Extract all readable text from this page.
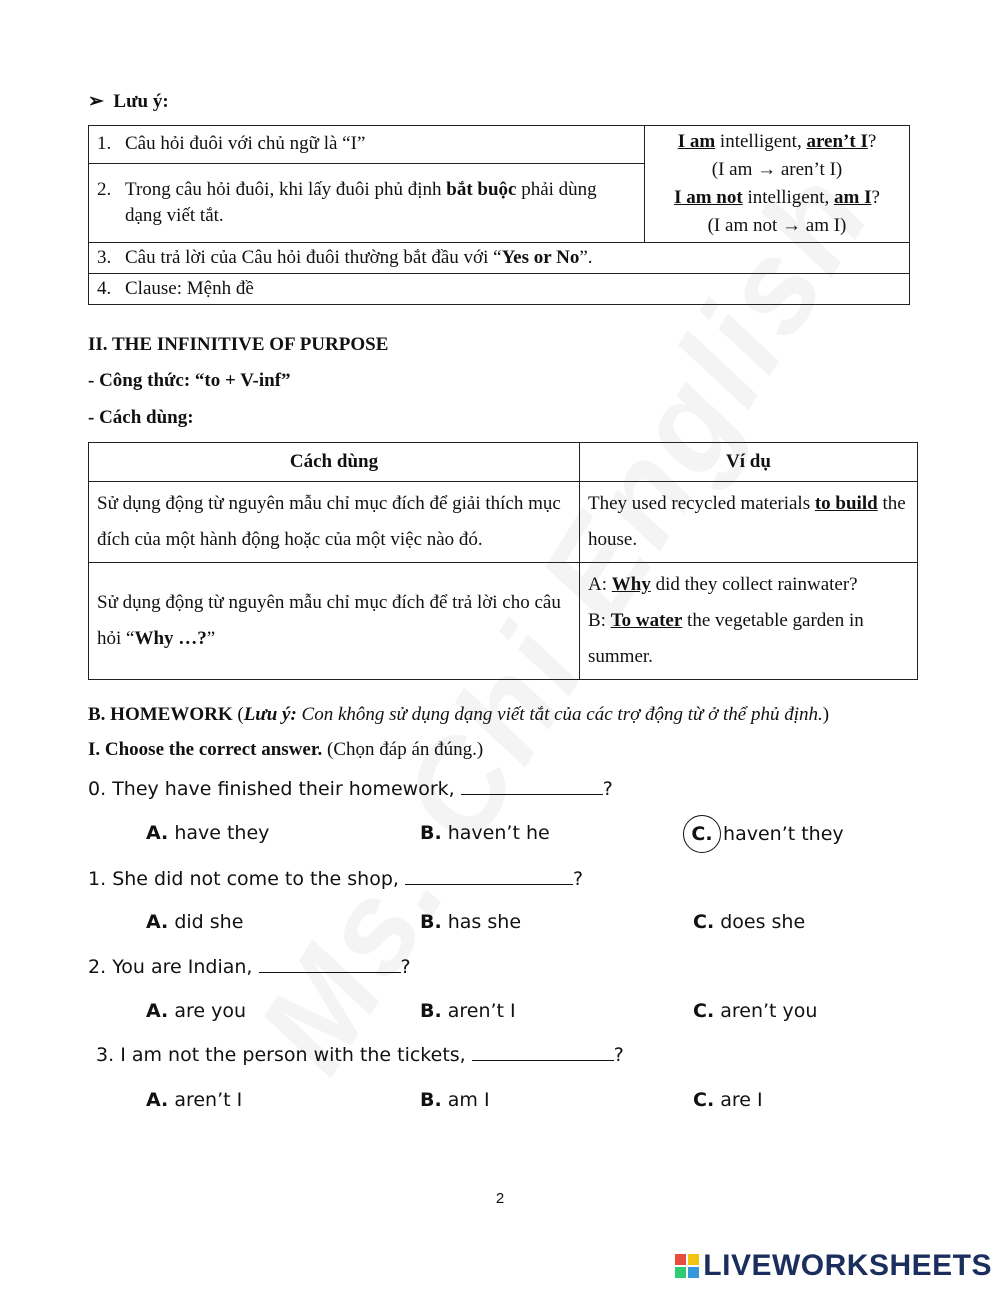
➢ Lưu ý:
1. Câu hỏi đuôi với chủ ngữ là “I”	I am intelligent, aren’t I?
(I am → aren’t I)
I am not intelligent, am I?
(I am not → am I)

2. Trong câu hỏi đuôi, khi lấy đuôi phủ định bắt buộc phải dùng dạng viết tắt.

3. Câu trả lời của Câu hỏi đuôi thường bắt đầu với “Yes or No”.
4. Clause: Mệnh đề
II. THE INFINITIVE OF PURPOSE
- Công thức: “to + V-inf”
- Cách dùng:
Cách dùng	Ví dụ
Sử dụng động từ nguyên mẫu chỉ mục đích để giải thích mục đích của một hành động hoặc của một việc nào đó.	They used recycled materials to build the house.
Sử dụng động từ nguyên mẫu chỉ mục đích để trả lời cho câu hỏi “Why …?”	A: Why did they collect rainwater?
B: To water the vegetable garden in summer.
B. HOMEWORK (Lưu ý: Con không sử dụng dạng viết tắt của các trợ động từ ở thể phủ định.)
I. Choose the correct answer. (Chọn đáp án đúng.)
0. They have finished their homework,	?
A. have they	B. haven’t he	C. haven’t they
1. She did not come to the shop,	?
A. did she	B. has she	C. does she
2. You are Indian,	?
A. are you	B. aren’t I	C. aren’t you
3. I am not the person with the tickets,	?
A. aren’t I	B. am I	C. are I
2
LIVEWORKSHEETS
